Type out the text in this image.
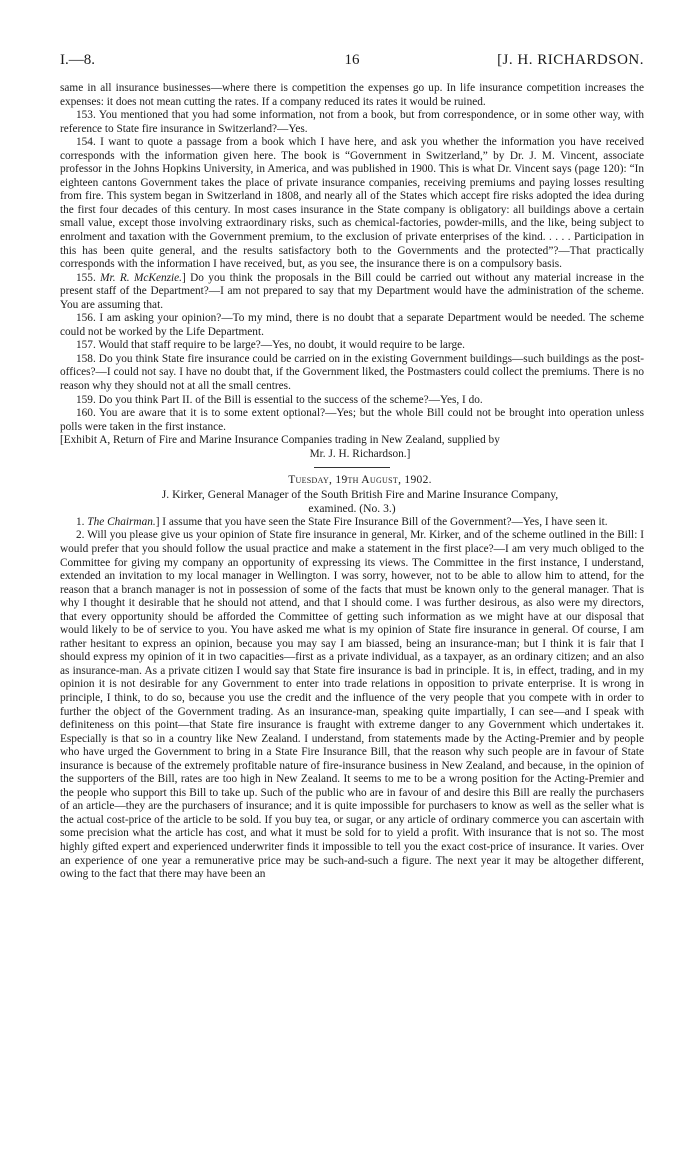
I.—8.	16	[J. H. RICHARDSON.

same in all insurance businesses—where there is competition the expenses go up. In life insurance competition increases the expenses: it does not mean cutting the rates. If a company reduced its rates it would be ruined.

153. You mentioned that you had some information, not from a book, but from correspondence, or in some other way, with reference to State fire insurance in Switzerland?—Yes.

154. I want to quote a passage from a book which I have here, and ask you whether the information you have received corresponds with the information given here. The book is “Government in Switzerland,” by Dr. J. M. Vincent, associate professor in the Johns Hopkins University, in America, and was published in 1900. This is what Dr. Vincent says (page 120): “In eighteen cantons Government takes the place of private insurance companies, receiving premiums and paying losses resulting from fire. This system began in Switzerland in 1808, and nearly all of the States which accept fire risks adopted the idea during the first four decades of this century. In most cases insurance in the State company is obligatory: all buildings above a certain small value, except those involving extraordinary risks, such as chemical-factories, powder-mills, and the like, being subject to enrolment and taxation with the Government premium, to the exclusion of private enterprises of the kind. . . . . Participation in this has been quite general, and the results satisfactory both to the Governments and the protected”?—That practically corresponds with the information I have received, but, as you see, the insurance there is on a compulsory basis.

155. Mr. R. McKenzie.] Do you think the proposals in the Bill could be carried out without any material increase in the present staff of the Department?—I am not prepared to say that my Department would have the administration of the scheme. You are assuming that.

156. I am asking your opinion?—To my mind, there is no doubt that a separate Department would be needed. The scheme could not be worked by the Life Department.

157. Would that staff require to be large?—Yes, no doubt, it would require to be large.

158. Do you think State fire insurance could be carried on in the existing Government buildings—such buildings as the post-offices?—I could not say. I have no doubt that, if the Government liked, the Postmasters could collect the premiums. There is no reason why they should not at all the small centres.

159. Do you think Part II. of the Bill is essential to the success of the scheme?—Yes, I do.

160. You are aware that it is to some extent optional?—Yes; but the whole Bill could not be brought into operation unless polls were taken in the first instance.

[Exhibit A, Return of Fire and Marine Insurance Companies trading in New Zealand, supplied by

Mr. J. H. Richardson.]

Tuesday, 19th August, 1902.

J. Kirker, General Manager of the South British Fire and Marine Insurance Company,
examined. (No. 3.)

1. The Chairman.] I assume that you have seen the State Fire Insurance Bill of the Government?—Yes, I have seen it.

2. Will you please give us your opinion of State fire insurance in general, Mr. Kirker, and of the scheme outlined in the Bill: I would prefer that you should follow the usual practice and make a statement in the first place?—I am very much obliged to the Committee for giving my company an opportunity of expressing its views. The Committee in the first instance, I understand, extended an invitation to my local manager in Wellington. I was sorry, however, not to be able to allow him to attend, for the reason that a branch manager is not in possession of some of the facts that must be known only to the general manager. That is why I thought it desirable that he should not attend, and that I should come. I was further desirous, as also were my directors, that every opportunity should be afforded the Committee of getting such information as we might have at our disposal that would likely to be of service to you. You have asked me what is my opinion of State fire insurance in general. Of course, I am rather hesitant to express an opinion, because you may say I am biassed, being an insurance-man; but I think it is fair that I should express my opinion of it in two capacities—first as a private individual, as a taxpayer, as an ordinary citizen; and an also as insurance-man. As a private citizen I would say that State fire insurance is bad in principle. It is, in effect, trading, and in my opinion it is not desirable for any Government to enter into trade relations in opposition to private enterprise. It is wrong in principle, I think, to do so, because you use the credit and the influence of the very people that you compete with in order to further the object of the Government trading. As an insurance-man, speaking quite impartially, I can see—and I speak with definiteness on this point—that State fire insurance is fraught with extreme danger to any Government which undertakes it. Especially is that so in a country like New Zealand. I understand, from statements made by the Acting-Premier and by people who have urged the Government to bring in a State Fire Insurance Bill, that the reason why such people are in favour of State insurance is because of the extremely profitable nature of fire-insurance business in New Zealand, and because, in the opinion of the supporters of the Bill, rates are too high in New Zealand. It seems to me to be a wrong position for the Acting-Premier and the people who support this Bill to take up. Such of the public who are in favour of and desire this Bill are really the purchasers of an article—they are the purchasers of insurance; and it is quite impossible for purchasers to know as well as the seller what is the actual cost-price of the article to be sold. If you buy tea, or sugar, or any article of ordinary commerce you can ascertain with some precision what the article has cost, and what it must be sold for to yield a profit. With insurance that is not so. The most highly gifted expert and experienced underwriter finds it impossible to tell you the exact cost-price of insurance. It varies. Over an experience of one year a remunerative price may be such-and-such a figure. The next year it may be altogether different, owing to the fact that there may have been an
